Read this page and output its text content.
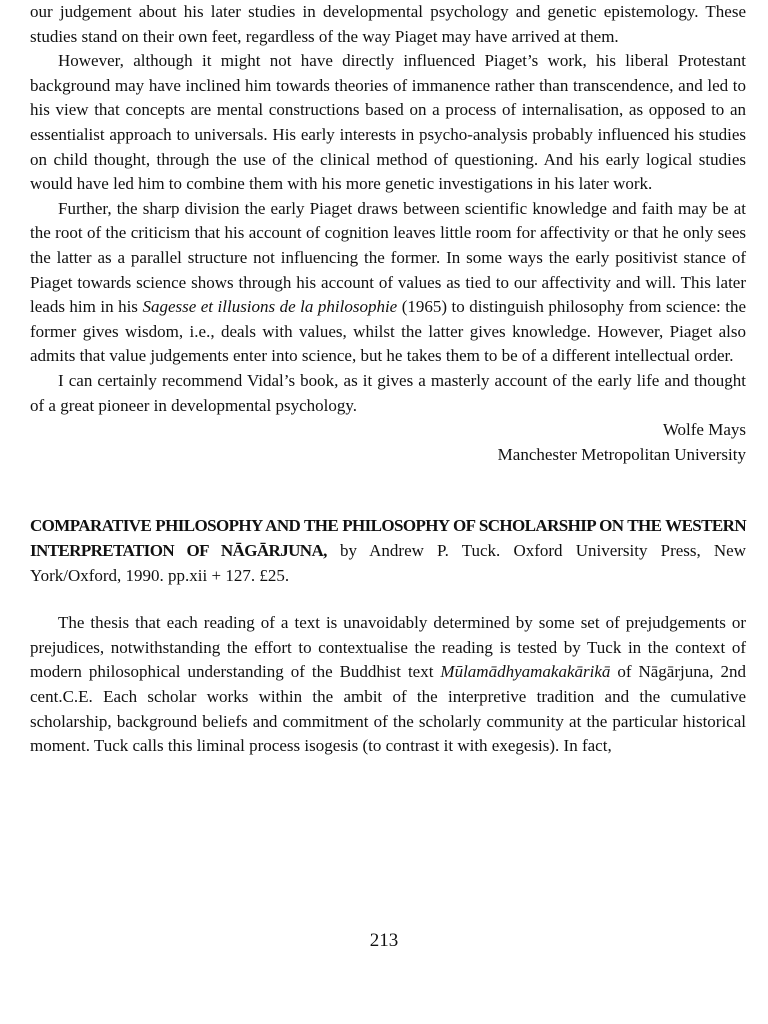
our judgement about his later studies in developmental psychology and genetic epistemology. These studies stand on their own feet, regardless of the way Piaget may have arrived at them.

However, although it might not have directly influenced Piaget’s work, his liberal Protestant background may have inclined him towards theories of immanence rather than transcendence, and led to his view that concepts are mental constructions based on a process of internalisation, as opposed to an essentialist approach to universals. His early interests in psycho-analysis probably influenced his studies on child thought, through the use of the clinical method of questioning. And his early logical studies would have led him to combine them with his more genetic investigations in his later work.

Further, the sharp division the early Piaget draws between scientific knowledge and faith may be at the root of the criticism that his account of cognition leaves little room for affectivity or that he only sees the latter as a parallel structure not influencing the former. In some ways the early positivist stance of Piaget towards science shows through his account of values as tied to our affectivity and will. This later leads him in his Sagesse et illusions de la philosophie (1965) to distinguish philosophy from science: the former gives wisdom, i.e., deals with values, whilst the latter gives knowledge. However, Piaget also admits that value judgements enter into science, but he takes them to be of a different intellectual order.

I can certainly recommend Vidal’s book, as it gives a masterly account of the early life and thought of a great pioneer in developmental psychology.

Wolfe Mays

Manchester Metropolitan University

COMPARATIVE PHILOSOPHY AND THE PHILOSOPHY OF SCHOLARSHIP ON THE WESTERN INTERPRETATION OF NĀGĀRJUNA, by Andrew P. Tuck. Oxford University Press, New York/Oxford, 1990. pp.xii + 127. £25.

The thesis that each reading of a text is unavoidably determined by some set of prejudgements or prejudices, notwithstanding the effort to contextualise the reading is tested by Tuck in the context of modern philosophical understanding of the Buddhist text Mūlamādhyamakakārikā of Nāgārjuna, 2nd cent.C.E. Each scholar works within the ambit of the interpretive tradition and the cumulative scholarship, background beliefs and commitment of the scholarly community at the particular historical moment. Tuck calls this liminal process isogesis (to contrast it with exegesis). In fact,

213
